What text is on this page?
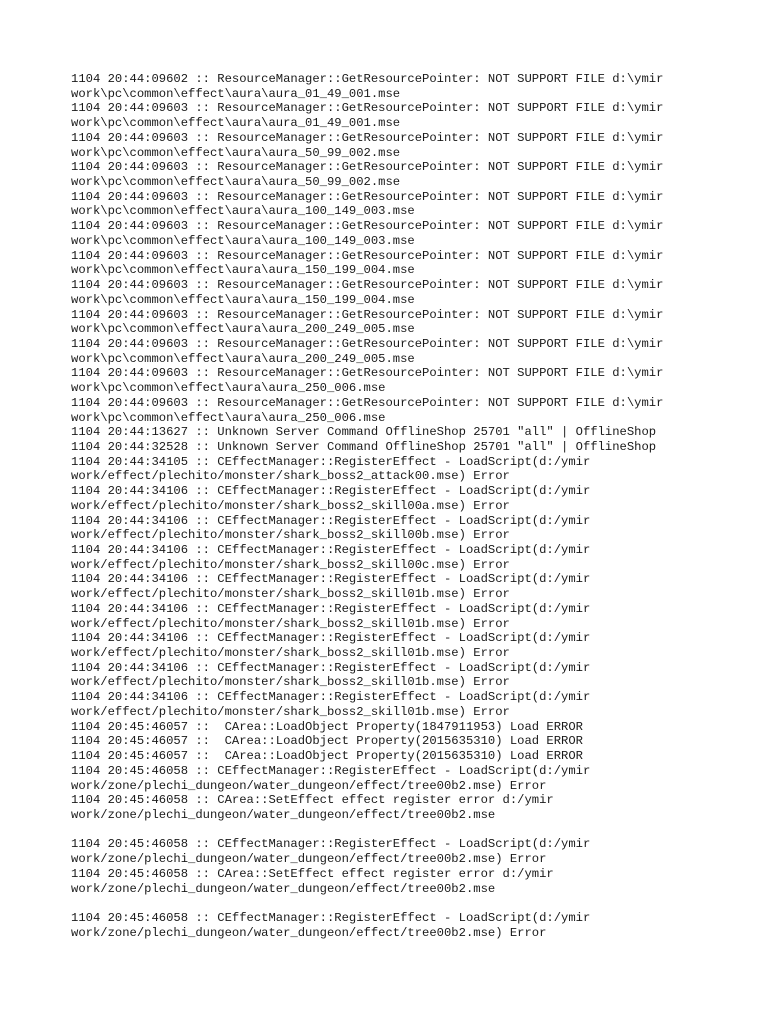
1104 20:44:09602 :: ResourceManager::GetResourcePointer: NOT SUPPORT FILE d:\ymir
work\pc\common\effect\aura\aura_01_49_001.mse
1104 20:44:09603 :: ResourceManager::GetResourcePointer: NOT SUPPORT FILE d:\ymir
work\pc\common\effect\aura\aura_01_49_001.mse
1104 20:44:09603 :: ResourceManager::GetResourcePointer: NOT SUPPORT FILE d:\ymir
work\pc\common\effect\aura\aura_50_99_002.mse
1104 20:44:09603 :: ResourceManager::GetResourcePointer: NOT SUPPORT FILE d:\ymir
work\pc\common\effect\aura\aura_50_99_002.mse
1104 20:44:09603 :: ResourceManager::GetResourcePointer: NOT SUPPORT FILE d:\ymir
work\pc\common\effect\aura\aura_100_149_003.mse
1104 20:44:09603 :: ResourceManager::GetResourcePointer: NOT SUPPORT FILE d:\ymir
work\pc\common\effect\aura\aura_100_149_003.mse
1104 20:44:09603 :: ResourceManager::GetResourcePointer: NOT SUPPORT FILE d:\ymir
work\pc\common\effect\aura\aura_150_199_004.mse
1104 20:44:09603 :: ResourceManager::GetResourcePointer: NOT SUPPORT FILE d:\ymir
work\pc\common\effect\aura\aura_150_199_004.mse
1104 20:44:09603 :: ResourceManager::GetResourcePointer: NOT SUPPORT FILE d:\ymir
work\pc\common\effect\aura\aura_200_249_005.mse
1104 20:44:09603 :: ResourceManager::GetResourcePointer: NOT SUPPORT FILE d:\ymir
work\pc\common\effect\aura\aura_200_249_005.mse
1104 20:44:09603 :: ResourceManager::GetResourcePointer: NOT SUPPORT FILE d:\ymir
work\pc\common\effect\aura\aura_250_006.mse
1104 20:44:09603 :: ResourceManager::GetResourcePointer: NOT SUPPORT FILE d:\ymir
work\pc\common\effect\aura\aura_250_006.mse
1104 20:44:13627 :: Unknown Server Command OfflineShop 25701 "all" | OfflineShop
1104 20:44:32528 :: Unknown Server Command OfflineShop 25701 "all" | OfflineShop
1104 20:44:34105 :: CEffectManager::RegisterEffect - LoadScript(d:/ymir
work/effect/plechito/monster/shark_boss2_attack00.mse) Error
1104 20:44:34106 :: CEffectManager::RegisterEffect - LoadScript(d:/ymir
work/effect/plechito/monster/shark_boss2_skill00a.mse) Error
1104 20:44:34106 :: CEffectManager::RegisterEffect - LoadScript(d:/ymir
work/effect/plechito/monster/shark_boss2_skill00b.mse) Error
1104 20:44:34106 :: CEffectManager::RegisterEffect - LoadScript(d:/ymir
work/effect/plechito/monster/shark_boss2_skill00c.mse) Error
1104 20:44:34106 :: CEffectManager::RegisterEffect - LoadScript(d:/ymir
work/effect/plechito/monster/shark_boss2_skill01b.mse) Error
1104 20:44:34106 :: CEffectManager::RegisterEffect - LoadScript(d:/ymir
work/effect/plechito/monster/shark_boss2_skill01b.mse) Error
1104 20:44:34106 :: CEffectManager::RegisterEffect - LoadScript(d:/ymir
work/effect/plechito/monster/shark_boss2_skill01b.mse) Error
1104 20:44:34106 :: CEffectManager::RegisterEffect - LoadScript(d:/ymir
work/effect/plechito/monster/shark_boss2_skill01b.mse) Error
1104 20:44:34106 :: CEffectManager::RegisterEffect - LoadScript(d:/ymir
work/effect/plechito/monster/shark_boss2_skill01b.mse) Error
1104 20:45:46057 ::  CArea::LoadObject Property(1847911953) Load ERROR
1104 20:45:46057 ::  CArea::LoadObject Property(2015635310) Load ERROR
1104 20:45:46057 ::  CArea::LoadObject Property(2015635310) Load ERROR
1104 20:45:46058 :: CEffectManager::RegisterEffect - LoadScript(d:/ymir
work/zone/plechi_dungeon/water_dungeon/effect/tree00b2.mse) Error
1104 20:45:46058 :: CArea::SetEffect effect register error d:/ymir
work/zone/plechi_dungeon/water_dungeon/effect/tree00b2.mse
1104 20:45:46058 :: CEffectManager::RegisterEffect - LoadScript(d:/ymir
work/zone/plechi_dungeon/water_dungeon/effect/tree00b2.mse) Error
1104 20:45:46058 :: CArea::SetEffect effect register error d:/ymir
work/zone/plechi_dungeon/water_dungeon/effect/tree00b2.mse
1104 20:45:46058 :: CEffectManager::RegisterEffect - LoadScript(d:/ymir
work/zone/plechi_dungeon/water_dungeon/effect/tree00b2.mse) Error
